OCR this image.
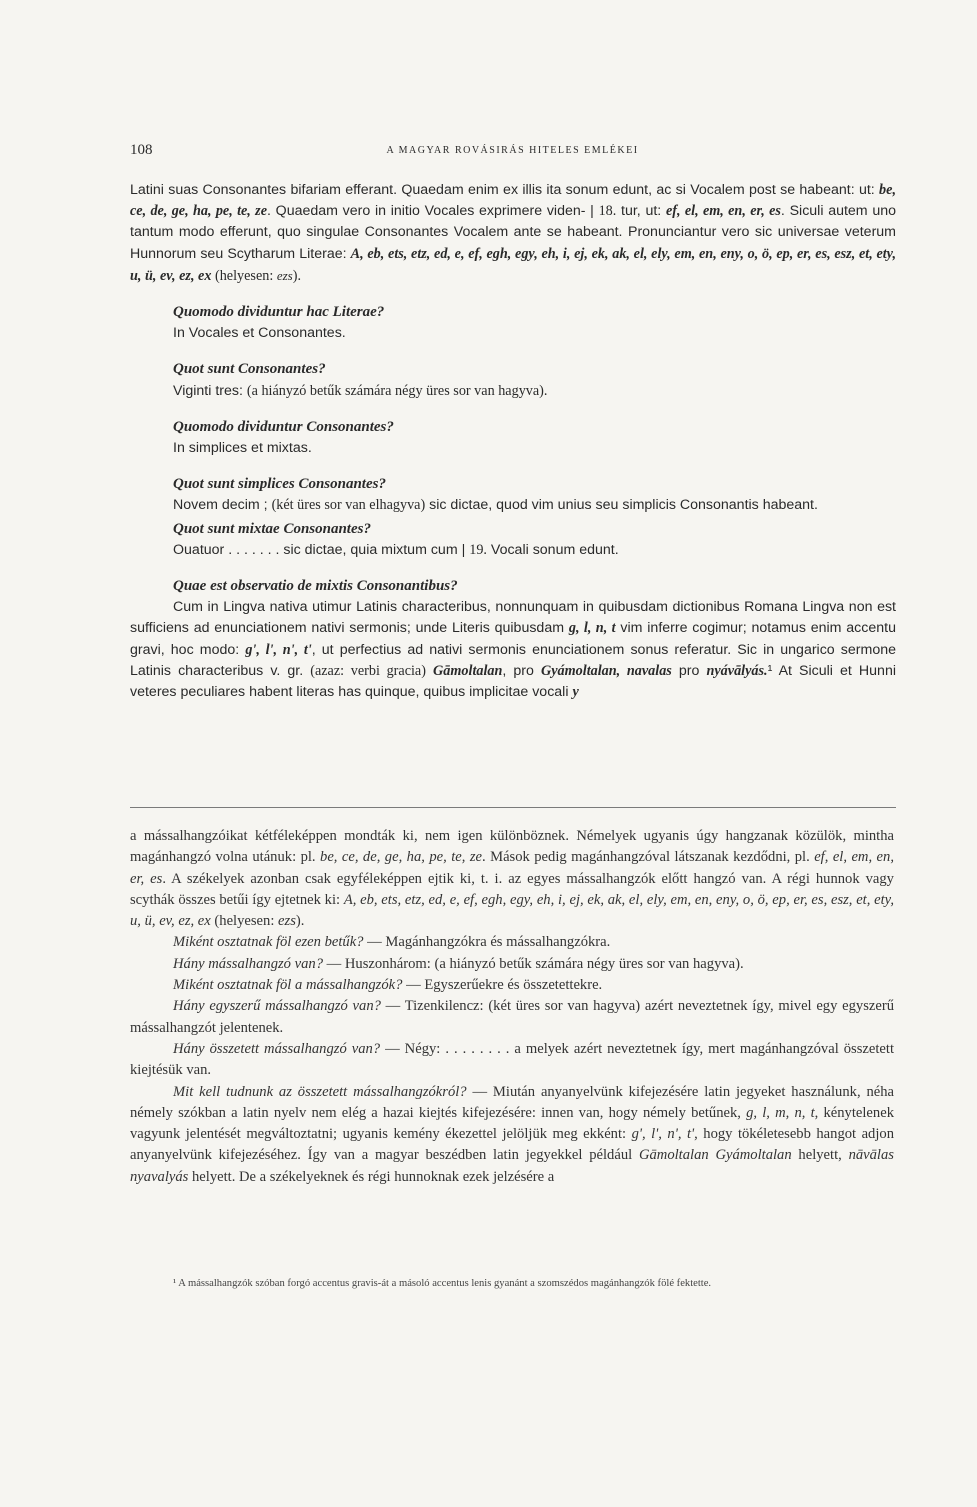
108	A MAGYAR ROVÁSIRÁS HITELES EMLÉKEI

Latini suas Consonantes bifariam efferant. Quaedam enim ex illis ita sonum edunt, ac si Vocalem post se habeant: ut: be, ce, de, ge, ha, pe, te, ze. Quaedam vero in initio Vocales exprimere viden- | 18. tur, ut: ef, el, em, en, er, es. Siculi autem uno tantum modo efferunt, quo singulae Consonantes Vocalem ante se habeant. Pronunciantur vero sic universae veterum Hunnorum seu Scytharum Literae: A, eb, ets, etz, ed, e, ef, egh, egy, eh, i, ej, ek, ak, el, ely, em, en, eny, o, ö, ep, er, es, esz, et, ety, u, ü, ev, ez, ex (helyesen: ezs).

Quomodo dividuntur hac Literae?

In Vocales et Consonantes.

Quot sunt Consonantes?

Viginti tres: (a hiányzó betűk számára négy üres sor van hagyva).

Quomodo dividuntur Consonantes?

In simplices et mixtas.

Quot sunt simplices Consonantes?

Novem decim ; (két üres sor van elhagyva) sic dictae, quod vim unius seu simplicis Consonantis habeant.

Quot sunt mixtae Consonantes?

Ouatuor . . . . . . . sic dictae, quia mixtum cum | 19. Vocali sonum edunt.

Quae est observatio de mixtis Consonantibus?

Cum in Lingva nativa utimur Latinis characteribus, nonnunquam in quibusdam dictionibus Romana Lingva non est sufficiens ad enunciationem nativi sermonis; unde Literis quibusdam g, l, n, t vim inferre cogimur; notamus enim accentu gravi, hoc modo: g', l', n', t', ut perfectius ad nativi sermonis enunciationem sonus referatur. Sic in ungarico sermone Latinis characteribus v. gr. (azaz: verbi gracia) Gāmoltalan, pro Gyámoltalan, navalas pro nyávālyás.¹ At Siculi et Hunni veteres peculiares habent literas has quinque, quibus implicitae vocali y

a mássalhangzóikat kétféleképpen mondták ki, nem igen különböznek. Némelyek ugyanis úgy hangzanak közülök, mintha magánhangzó volna utánuk: pl. be, ce, de, ge, ha, pe, te, ze. Mások pedig magánhangzóval látszanak kezdődni, pl. ef, el, em, en, er, es. A székelyek azonban csak egyféleképpen ejtik ki, t. i. az egyes mássalhangzók előtt hangzó van. A régi hunnok vagy scythák összes betűi így ejtetnek ki: A, eb, ets, etz, ed, e, ef, egh, egy, eh, i, ej, ek, ak, el, ely, em, en, eny, o, ö, ep, er, es, esz, et, ety, u, ü, ev, ez, ex (helyesen: ezs).

Miként osztatnak föl ezen betűk? — Magánhangzókra és mássalhangzókra.

Hány mássalhangzó van? — Huszonhárom: (a hiányzó betűk számára négy üres sor van hagyva).

Miként osztatnak föl a mássalhangzók? — Egyszerűekre és összetettekre.

Hány egyszerű mássalhangzó van? — Tizenkilencz: (két üres sor van hagyva) azért neveztetnek így, mivel egy egyszerű mássalhangzót jelentenek.

Hány összetett mássalhangzó van? — Négy: . . . . . . . . a melyek azért neveztetnek így, mert magánhangzóval összetett kiejtésük van.

Mit kell tudnunk az összetett mássalhangzókról? — Miután anyanyelvünk kifejezésére latin jegyeket használunk, néha némely szókban a latin nyelv nem elég a hazai kiejtés kifejezésére: innen van, hogy némely betűnek, g, l, m, n, t, kénytelenek vagyunk jelentését megváltoztatni; ugyanis kemény ékezettel jelöljük meg ekként: g', l', n', t', hogy tökéletesebb hangot adjon anyanyelvünk kifejezéséhez. Így van a magyar beszédben latin jegyekkel például Gāmoltalan Gyámoltalan helyett, nāvālas nyavalyás helyett. De a székelyeknek és régi hunnoknak ezek jelzésére a

¹ A mássalhangzók szóban forgó accentus gravis-át a másoló accentus lenis gyanánt a szomszédos magánhangzók fölé fektette.
